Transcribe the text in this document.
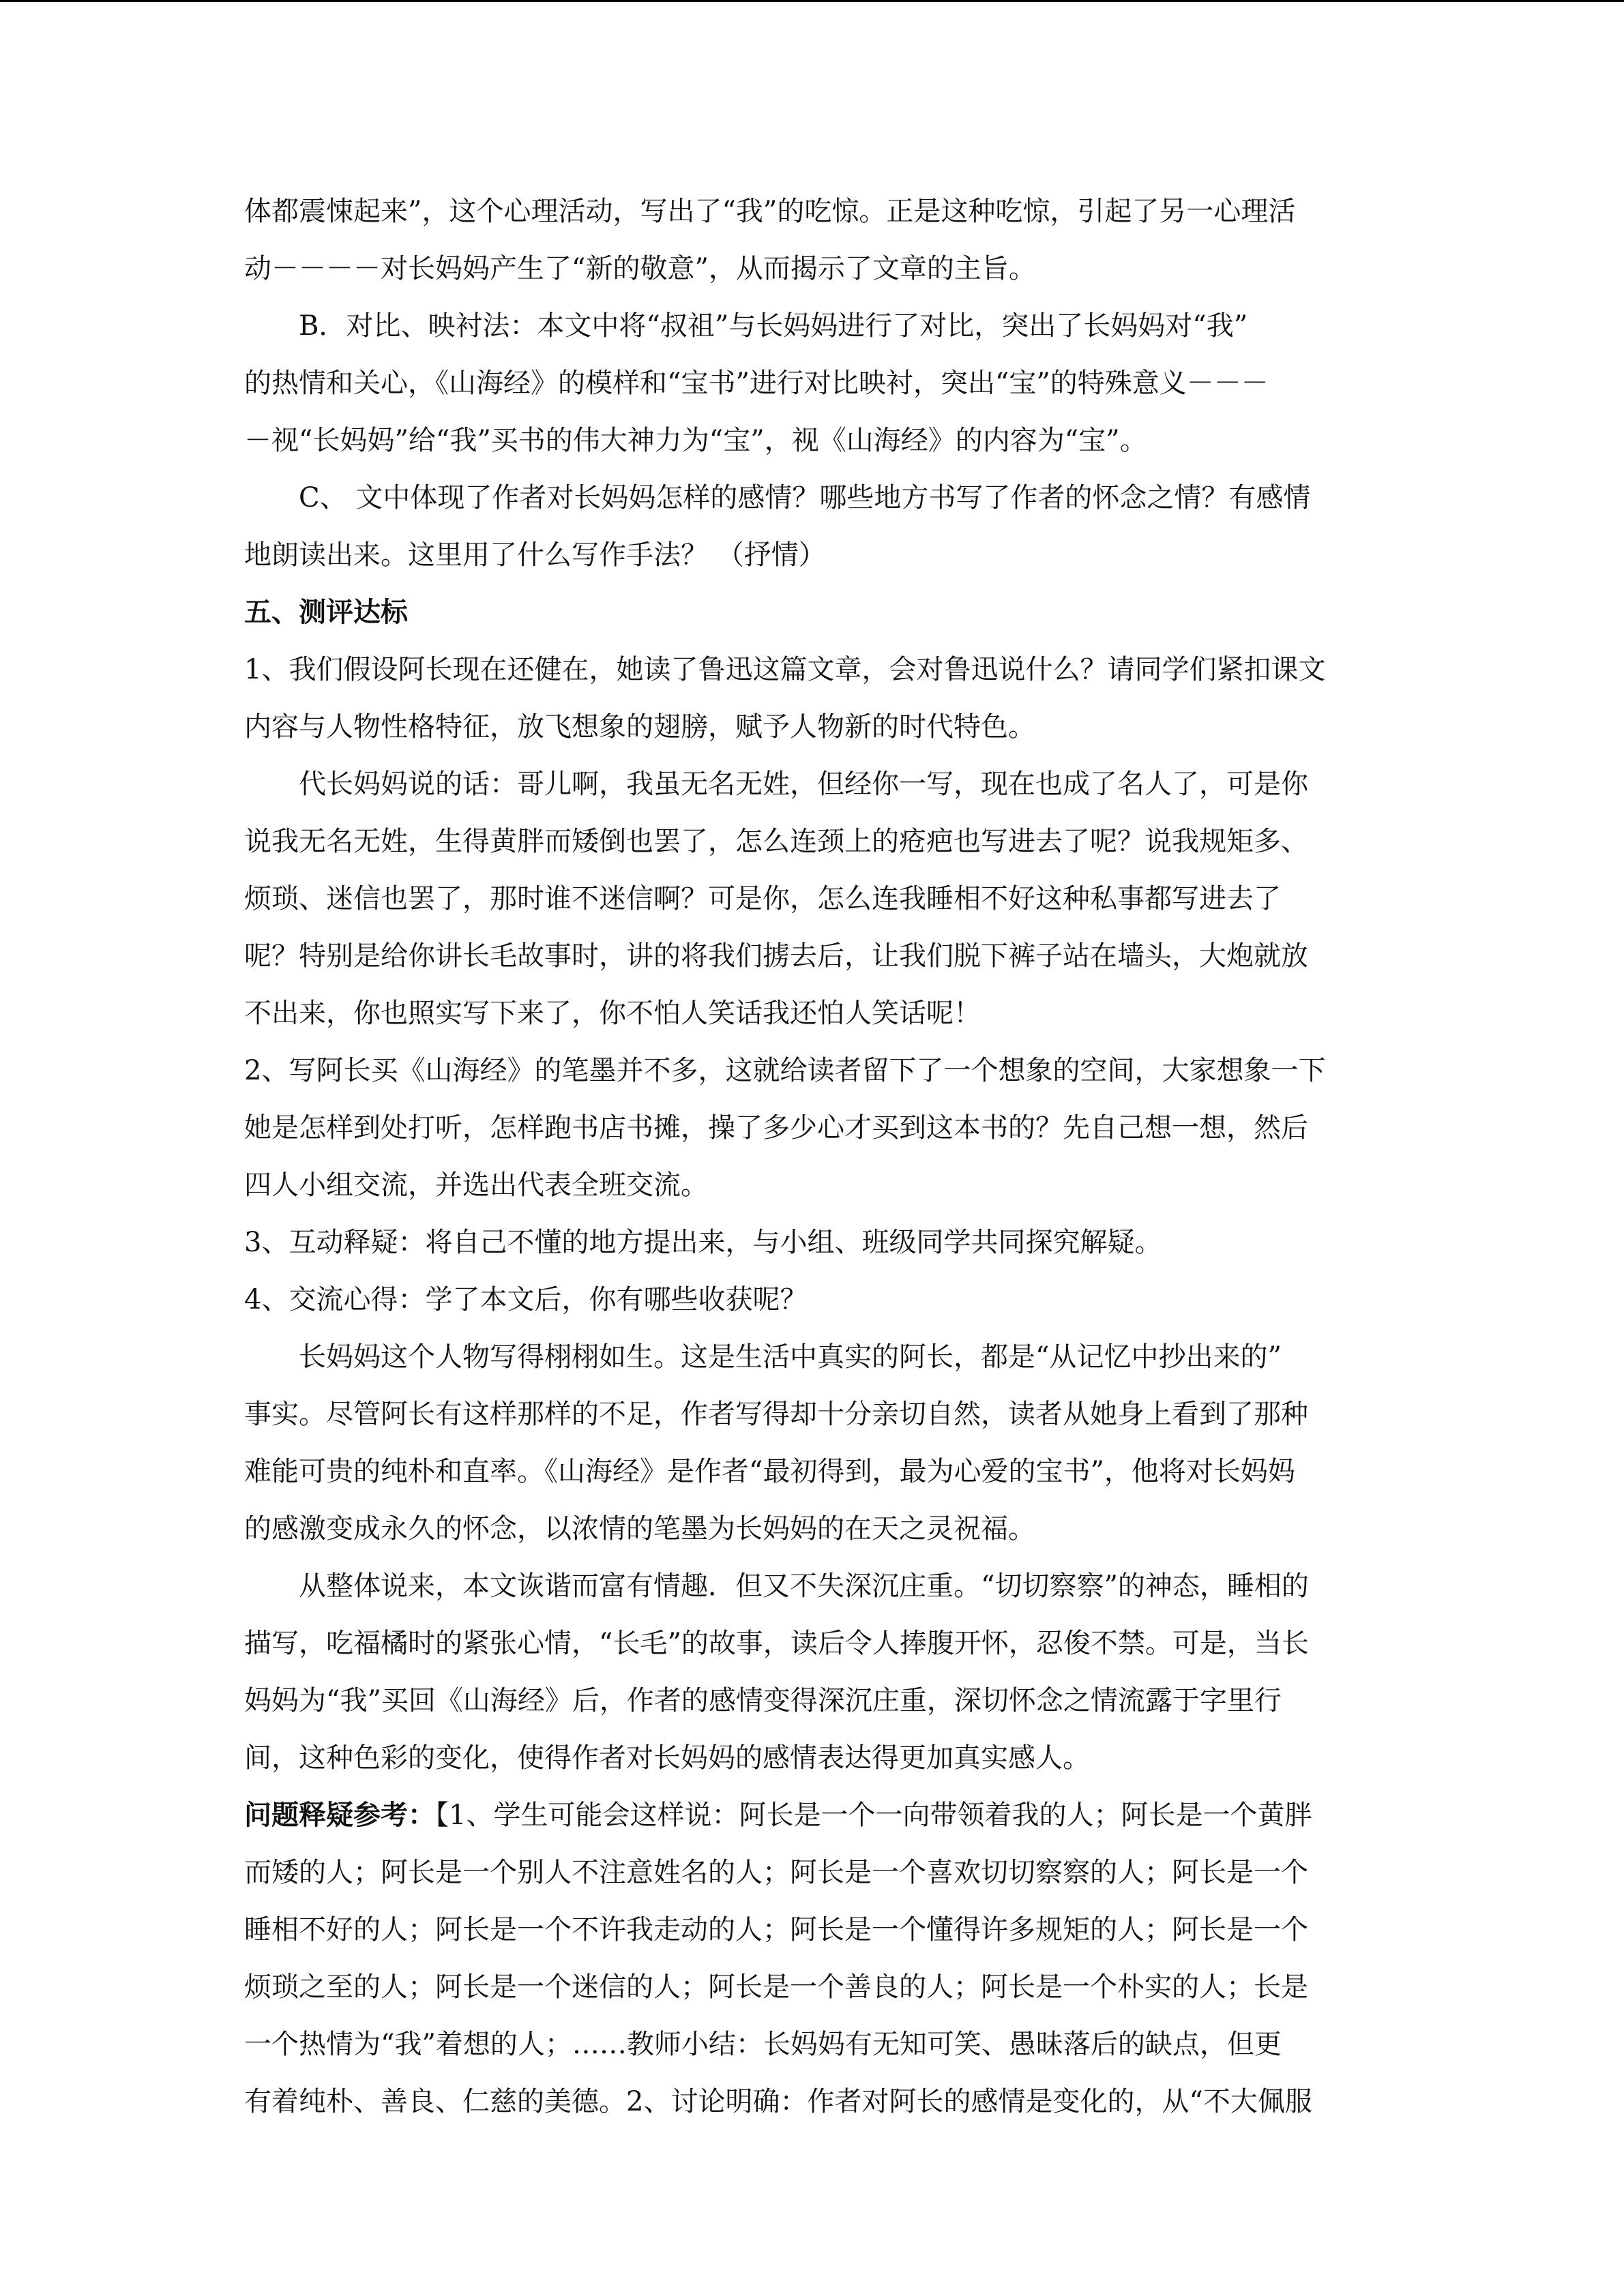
体都震悚起来”，这个心理活动，写出了“我”的吃惊。正是这种吃惊，引起了另一心理活
动－－－－对长妈妈产生了“新的敬意”，从而揭示了文章的主旨。
B．对比、映衬法：本文中将“叔祖”与长妈妈进行了对比，突出了长妈妈对“我”
的热情和关心，《山海经》的模样和“宝书”进行对比映衬，突出“宝”的特殊意义－－－
－视“长妈妈”给“我”买书的伟大神力为“宝”，视《山海经》的内容为“宝”。
C、 文中体现了作者对长妈妈怎样的感情？哪些地方书写了作者的怀念之情？有感情
地朗读出来。这里用了什么写作手法？ （抒情）
五、测评达标
1、我们假设阿长现在还健在，她读了鲁迅这篇文章，会对鲁迅说什么？请同学们紧扣课文
内容与人物性格特征，放飞想象的翅膀，赋予人物新的时代特色。
代长妈妈说的话：哥儿啊，我虽无名无姓，但经你一写，现在也成了名人了，可是你
说我无名无姓，生得黄胖而矮倒也罢了，怎么连颈上的疮疤也写进去了呢？说我规矩多、
烦琐、迷信也罢了，那时谁不迷信啊？可是你，怎么连我睡相不好这种私事都写进去了
呢？特别是给你讲长毛故事时，讲的将我们掳去后，让我们脱下裤子站在墙头，大炮就放
不出来，你也照实写下来了，你不怕人笑话我还怕人笑话呢！
2、写阿长买《山海经》的笔墨并不多，这就给读者留下了一个想象的空间，大家想象一下
她是怎样到处打听，怎样跑书店书摊，操了多少心才买到这本书的？先自己想一想，然后
四人小组交流，并选出代表全班交流。
3、互动释疑：将自己不懂的地方提出来，与小组、班级同学共同探究解疑。
4、交流心得：学了本文后，你有哪些收获呢？
长妈妈这个人物写得栩栩如生。这是生活中真实的阿长，都是“从记忆中抄出来的”
事实。尽管阿长有这样那样的不足，作者写得却十分亲切自然，读者从她身上看到了那种
难能可贵的纯朴和直率。《山海经》是作者“最初得到，最为心爱的宝书”，他将对长妈妈
的感激变成永久的怀念，以浓情的笔墨为长妈妈的在天之灵祝福。
从整体说来，本文诙谐而富有情趣．但又不失深沉庄重。“切切察察”的神态，睡相的
描写，吃福橘时的紧张心情，“长毛”的故事，读后令人捧腹开怀，忍俊不禁。可是，当长
妈妈为“我”买回《山海经》后，作者的感情变得深沉庄重，深切怀念之情流露于字里行
间，这种色彩的变化，使得作者对长妈妈的感情表达得更加真实感人。
问题释疑参考：【1、学生可能会这样说：阿长是一个一向带领着我的人；阿长是一个黄胖
而矮的人；阿长是一个别人不注意姓名的人；阿长是一个喜欢切切察察的人；阿长是一个
睡相不好的人；阿长是一个不许我走动的人；阿长是一个懂得许多规矩的人；阿长是一个
烦琐之至的人；阿长是一个迷信的人；阿长是一个善良的人；阿长是一个朴实的人；长是
一个热情为“我”着想的人；……教师小结：长妈妈有无知可笑、愚昧落后的缺点，但更
有着纯朴、善良、仁慈的美德。2、讨论明确：作者对阿长的感情是变化的，从“不大佩服
